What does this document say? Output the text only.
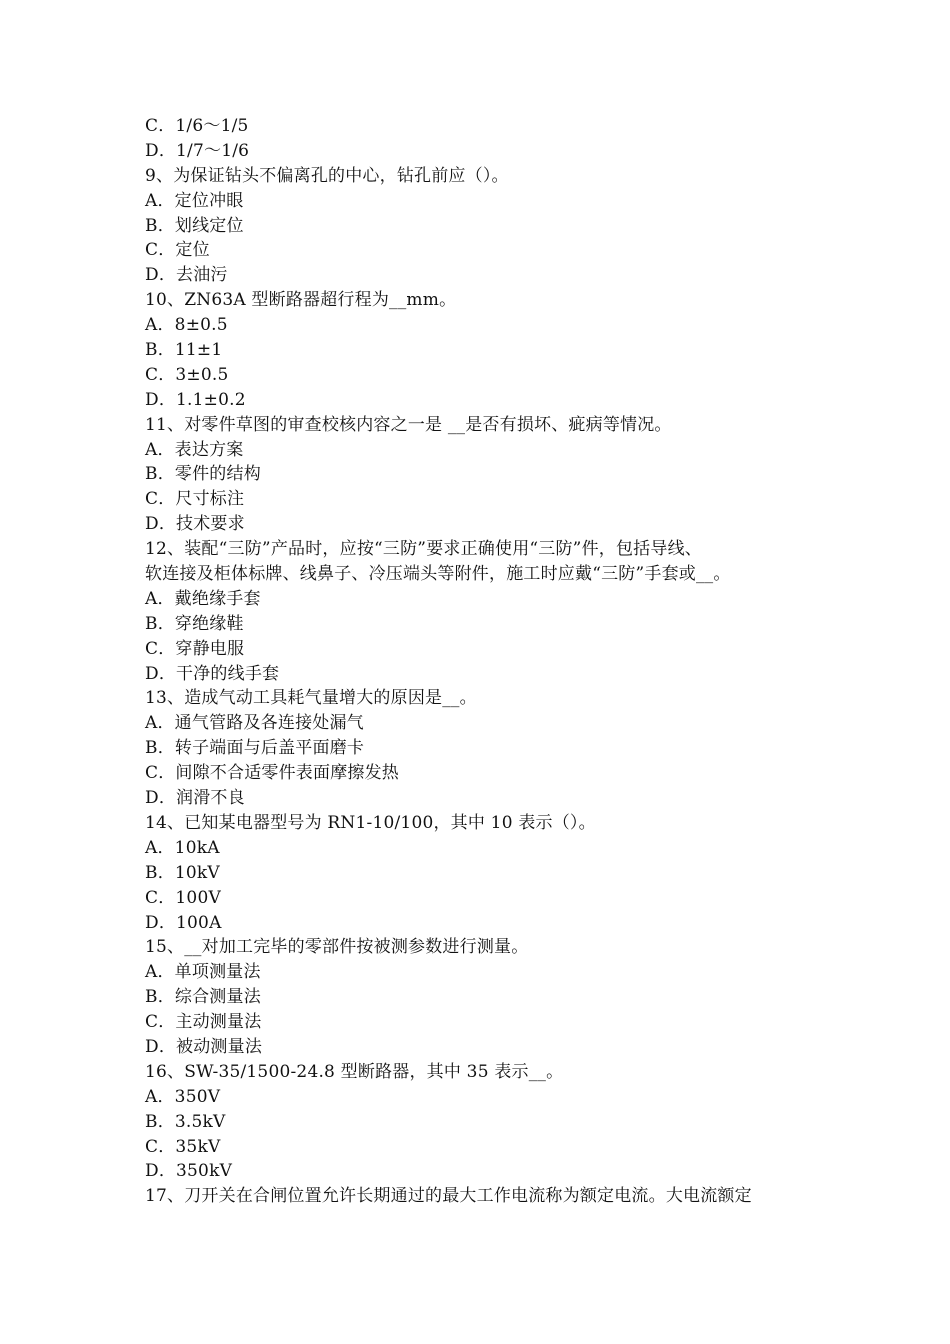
C．1/6～1/5
D．1/7～1/6
9、为保证钻头不偏离孔的中心，钻孔前应（）。
A．定位冲眼
B．划线定位
C．定位
D．去油污
10、ZN63A 型断路器超行程为__mm。
A．8±0.5
B．11±1
C．3±0.5
D．1.1±0.2
11、对零件草图的审查校核内容之一是 __是否有损坏、疵病等情况。
A．表达方案
B．零件的结构
C．尺寸标注
D．技术要求
12、装配“三防”产品时，应按“三防”要求正确使用“三防”件，包括导线、
软连接及柜体标牌、线鼻子、冷压端头等附件，施工时应戴“三防”手套或__。
A．戴绝缘手套
B．穿绝缘鞋
C．穿静电服
D．干净的线手套
13、造成气动工具耗气量增大的原因是__。
A．通气管路及各连接处漏气
B．转子端面与后盖平面磨卡
C．间隙不合适零件表面摩擦发热
D．润滑不良
14、已知某电器型号为 RN1-10/100，其中 10 表示（）。
A．10kA
B．10kV
C．100V
D．100A
15、__对加工完毕的零部件按被测参数进行测量。
A．单项测量法
B．综合测量法
C．主动测量法
D．被动测量法
16、SW-35/1500-24.8 型断路器，其中 35 表示__。
A．350V
B．3.5kV
C．35kV
D．350kV
17、刀开关在合闸位置允许长期通过的最大工作电流称为额定电流。大电流额定
